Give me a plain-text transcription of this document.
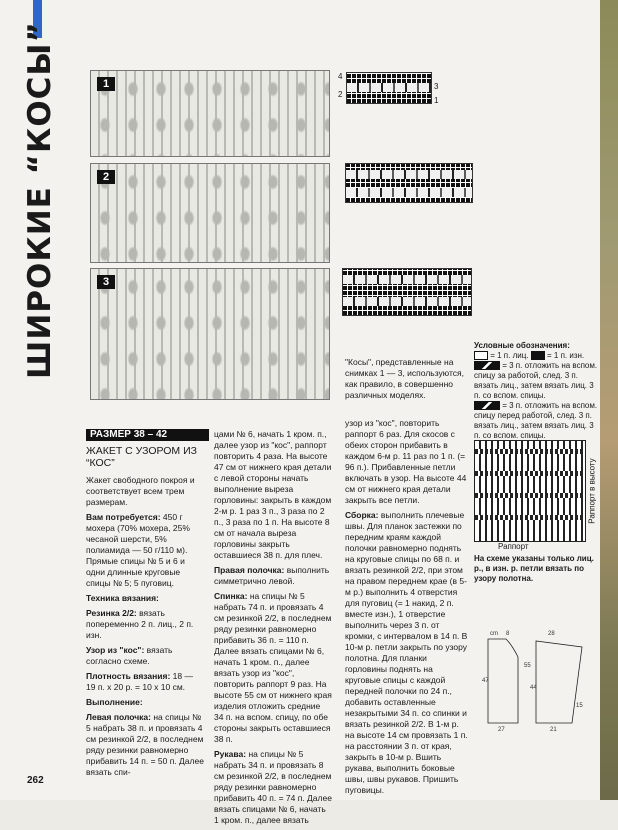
ШИРОКИЕ “КОСЫ”	1
2
3
4
2
3
1
"Косы", представленные на снимках 1 — 3, используются, как правило, в совершенно различных моделях.
Условные обозначения:
= 1 п. лиц. = 1 п. изн.
= 3 п. отложить на вспом. спицу за работой, след. 3 п. вязать лиц., затем вязать лиц. 3 п. со вспом. спицы.
= 3 п. отложить на вспом. спицу перед работой, след. 3 п. вязать лиц., затем вязать лиц. 3 п. со вспом. спицы.
Раппорт в высоту
Раппорт
На схеме указаны только лиц. р., в изн. р. петли вязать по узору полотна.
РАЗМЕР 38 – 42

ЖАКЕТ С УЗОРОМ ИЗ “КОС”

Жакет свободного покроя и соответствует всем трем размерам.

Вам потребуется: 450 г мохера (70% мохера, 25% чесаной шерсти, 5% полиамида — 50 г/110 м). Прямые спицы № 5 и 6 и одни длинные круговые спицы № 5; 5 пуговиц.

Техника вязания:

Резинка 2/2: вязать попеременно 2 п. лиц., 2 п. изн.

Узор из "кос": вязать согласно схеме.

Плотность вязания: 18 — 19 п. х 20 р. = 10 х 10 см.

Выполнение:

Левая полочка: на спицы № 5 набрать 38 п. и провязать 4 см резинкой 2/2, в последнем ряду резинки равномерно прибавить 14 п. = 50 п. Далее вязать спи-

цами № 6, начать 1 кром. п., далее узор из "кос", раппорт повторить 4 раза. На высоте 47 см от нижнего края детали с левой стороны начать выполнение выреза горловины: закрыть в каждом 2-м р. 1 раз 3 п., 3 раза по 2 п., 3 раза по 1 п. На высоте 8 см от начала выреза горловины закрыть оставшиеся 38 п. для плеч.

Правая полочка: выполнить симметрично левой.

Спинка: на спицы № 5 набрать 74 п. и провязать 4 см резинкой 2/2, в последнем ряду резинки равномерно прибавить 36 п. = 110 п. Далее вязать спицами № 6, начать 1 кром. п., далее вязать узор из "кос", повторить раппорт 9 раз. На высоте 55 см от нижнего края изделия отложить средние 34 п. на вспом. спицу, по обе стороны закрыть оставшиеся 38 п.

Рукава: на спицы № 5 набрать 34 п. и провязать 8 см резинкой 2/2, в последнем ряду резинки равномерно прибавить 40 п. = 74 п. Далее вязать спицами № 6, начать 1 кром. п., далее вязать

узор из "кос", повторить раппорт 6 раз. Для скосов с обеих сторон прибавить в каждом 6-м р. 11 раз по 1 п. (= 96 п.). Прибавленные петли включать в узор. На высоте 44 см от нижнего края детали закрыть все петли.

Сборка: выполнить плечевые швы. Для планок застежки по передним краям каждой полочки равномерно поднять на круговые спицы по 68 п. и вязать резинкой 2/2, при этом на правом переднем крае (в 5-м р.) выполнить 4 отверстия для пуговиц (= 1 накид, 2 п. вместе изн.), 1 отверстие выполнить через 3 п. от кромки, с интервалом в 14 п. В 10-м р. петли закрыть по узору полотна. Для планки горловины поднять на круговые спицы с каждой передней полочки по 24 п., добавить оставленные незакрытыми 34 п. со спинки и вязать резинкой 2/2. В 1-м р. на высоте 14 см провязать 1 п. на расстоянии 3 п. от края, закрыть в 10-м р. Вшить рукава, выполнить боковые швы, швы рукавов. Пришить пуговицы.

cm 8
47
27
55
28
44
21
15
262
